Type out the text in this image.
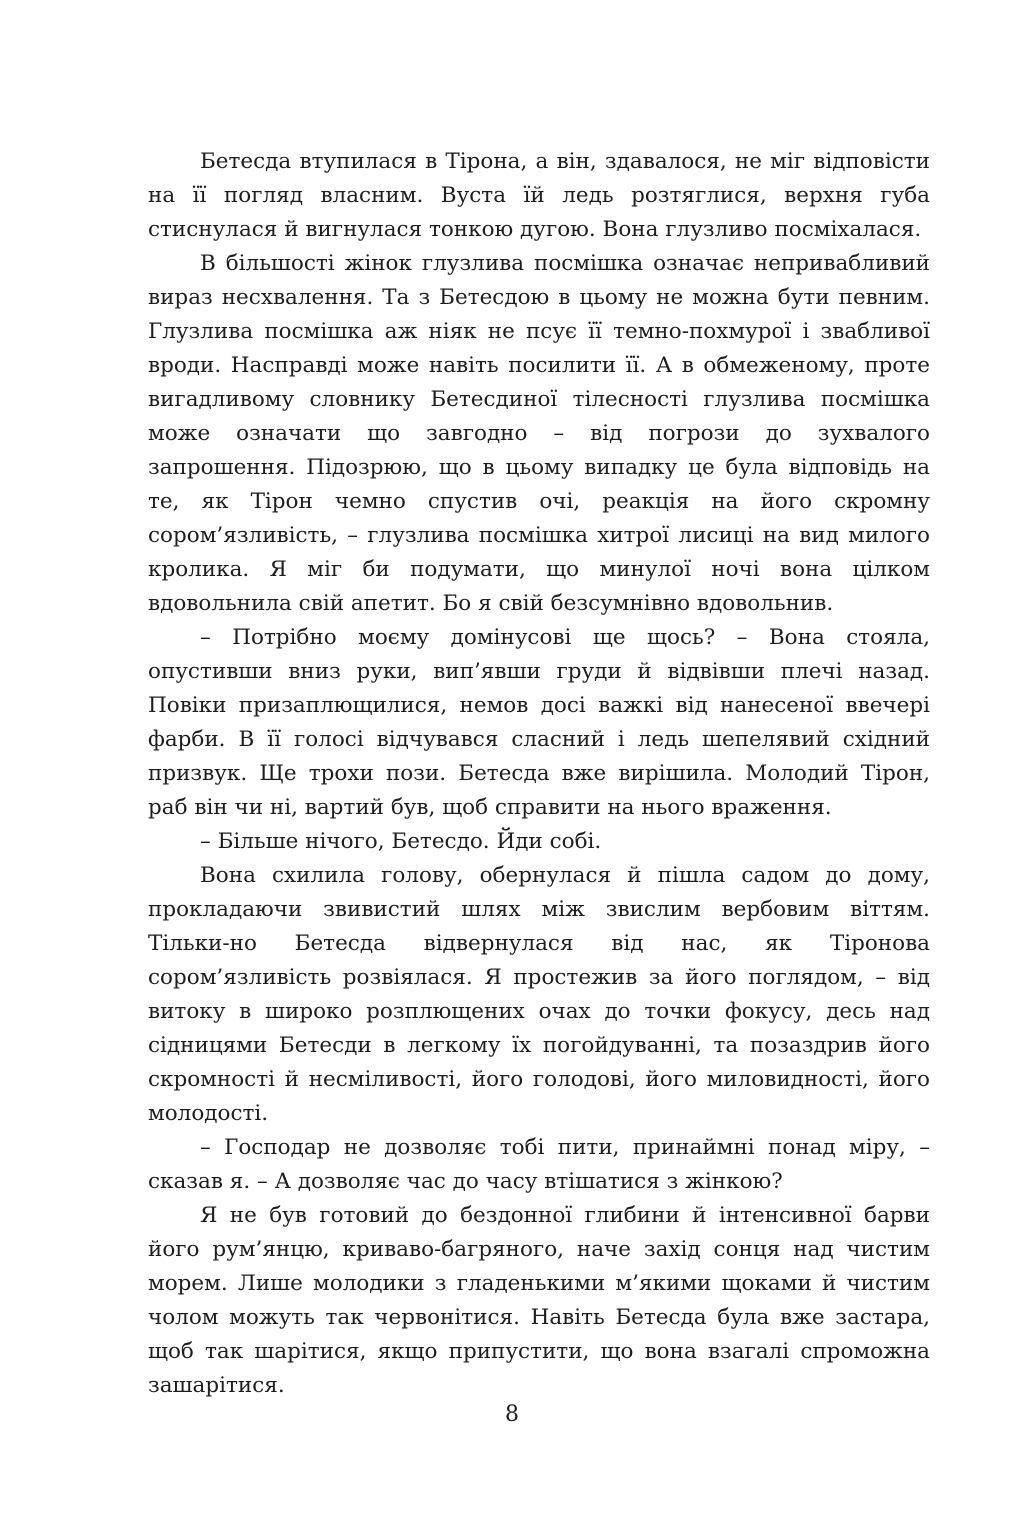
Бетесда втупилася в Тірона, а він, здавалося, не міг відповісти на її погляд власним. Вуста їй ледь розтяглися, верхня губа стиснулася й вигнулася тонкою дугою. Вона глузливо посміхалася.

В більшості жінок глузлива посмішка означає непривабливий вираз несхвалення. Та з Бетесдою в цьому не можна бути певним. Глузлива посмішка аж ніяк не псує її темно-похмурої і звабливої вроди. Насправді може навіть посилити її. А в обмеженому, проте вигадливому словнику Бетесдиної тілесності глузлива посмішка може означати що завгодно – від погрози до зухвалого запрошення. Підозрюю, що в цьому випадку це була відповідь на те, як Тірон чемно спустив очі, реакція на його скромну сором’язливість, – глузлива посмішка хитрої лисиці на вид милого кролика. Я міг би подумати, що минулої ночі вона цілком вдовольнила свій апетит. Бо я свій безсумнівно вдовольнив.

– Потрібно моєму домінусові ще щось? – Вона стояла, опустивши вниз руки, вип’явши груди й відвівши плечі назад. Повіки призаплющилися, немов досі важкі від нанесеної ввечері фарби. В її голосі відчувався сласний і ледь шепелявий східний призвук. Ще трохи пози. Бетесда вже вирішила. Молодий Тірон, раб він чи ні, вартий був, щоб справити на нього враження.

– Більше нічого, Бетесдо. Йди собі.

Вона схилила голову, обернулася й пішла садом до дому, прокладаючи звивистий шлях між звислим вербовим віттям. Тільки-но Бетесда відвернулася від нас, як Тіронова сором’язливість розвіялася. Я простежив за його поглядом, – від витоку в широко розплющених очах до точки фокусу, десь над сідницями Бетесди в легкому їх погойдуванні, та позаздрив його скромності й несміливості, його голодові, його миловидності, його молодості.

– Господар не дозволяє тобі пити, принаймні понад міру, – сказав я. – А дозволяє час до часу втішатися з жінкою?

Я не був готовий до бездонної глибини й інтенсивної барви його рум’янцю, криваво-багряного, наче захід сонця над чистим морем. Лише молодики з гладенькими м’якими щоками й чистим чолом можуть так червонітися. Навіть Бетесда була вже застара, щоб так шарітися, якщо припустити, що вона взагалі спроможна зашарітися.

8
